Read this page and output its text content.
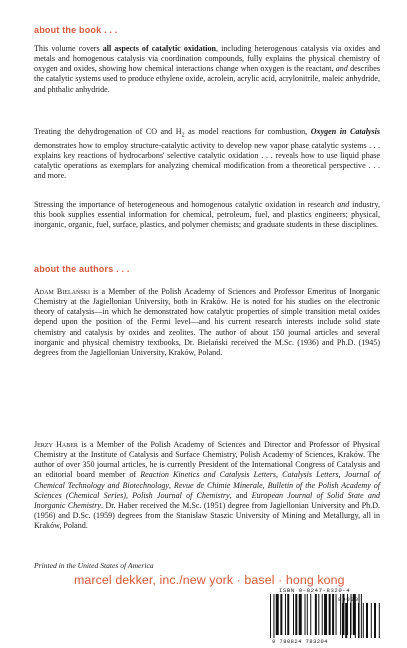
about the book . . .

This volume covers all aspects of catalytic oxidation, including heterogenous catalysis via oxides and metals and homogenous catalysis via coordination compounds, fully explains the physical chemistry of oxygen and oxides, showing how chemical interactions change when oxygen is the reactant, and describes the catalytic systems used to produce ethylene oxide, acrolein, acrylic acid, acrylonitrile, maleic anhydride, and phthalic anhydride.

Treating the dehydrogenation of CO and $H_2$ as model reactions for combustion, Oxygen in Catalysis demonstrates how to employ structure-catalytic activity to develop new vapor phase catalytic systems . . . explains key reactions of hydrocarbons' selective catalytic oxidation . . . reveals how to use liquid phase catalytic operations as exemplars for analyzing chemical modification from a theoretical perspective . . . and more.

Stressing the importance of heterogeneous and homogenous catalytic oxidation in research and industry, this book supplies essential information for chemical, petroleum, fuel, and plastics engineers; physical, inorganic, organic, fuel, surface, plastics, and polymer chemists; and graduate students in these disciplines.

about the authors . . .

Adam Bielański is a Member of the Polish Academy of Sciences and Professor Emeritus of Inorganic Chemistry at the Jagiellonian University, both in Kraków. He is noted for his studies on the electronic theory of catalysis—in which he demonstrated how catalytic properties of simple transition metal oxides depend upon the position of the Fermi level—and his current research interests include solid state chemistry and catalysis by oxides and zeolites. The author of about 150 journal articles and several inorganic and physical chemistry textbooks, Dr. Bielański received the M.Sc. (1936) and Ph.D. (1945) degrees from the Jagiellonian University, Kraków, Poland.

Jerzy Haber is a Member of the Polish Academy of Sciences and Director and Professor of Physical Chemistry at the Institute of Catalysis and Surface Chemistry, Polish Academy of Sciences, Kraków. The author of over 350 journal articles, he is currently President of the International Congress of Catalysis and an editorial board member of Reaction Kinetics and Catalysis Letters, Catalysis Letters, Journal of Chemical Technology and Biotechnology, Revue de Chimie Minerale, Bulletin of the Polish Academy of Sciences (Chemical Series), Polish Journal of Chemistry, and European Journal of Solid State and Inorganic Chemistry. Dr. Haber received the M.Sc. (1951) degree from Jagiellonian University and Ph.D. (1956) and D.Sc. (1959) degrees from the Stanisław Staszic University of Mining and Metallurgy, all in Kraków, Poland.

Printed in the United States of America
marcel dekker, inc./new york · basel · hong kong
ISBN 0-8247-8320-4
90000
9 780824 783204
